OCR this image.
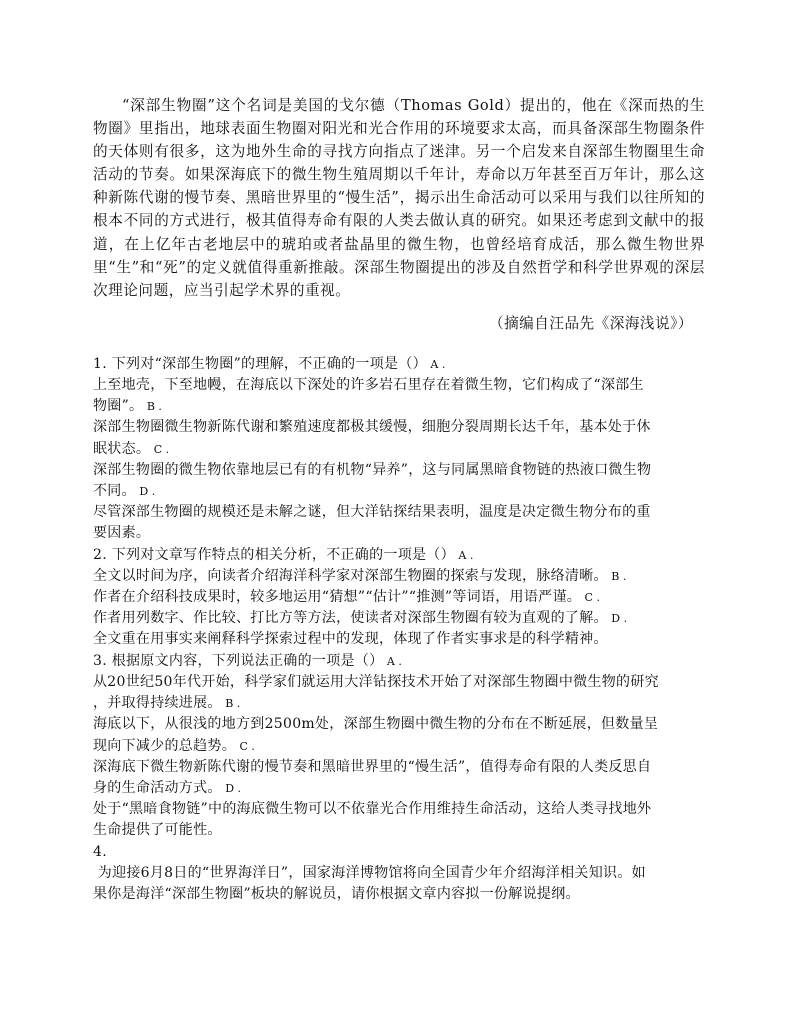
“深部生物圈”这个名词是美国的戈尔德（Thomas Gold）提出的，他在《深而热的生物圈》里指出，地球表面生物圈对阳光和光合作用的环境要求太高，而具备深部生物圈条件的天体则有很多，这为地外生命的寻找方向指点了迷津。另一个启发来自深部生物圈里生命活动的节奏。如果深海底下的微生物生殖周期以千年计，寿命以万年甚至百万年计，那么这种新陈代谢的慢节奏、黑暗世界里的“慢生活”，揭示出生命活动可以采用与我们以往所知的根本不同的方式进行，极其值得寿命有限的人类去做认真的研究。如果还考虑到文献中的报道，在上亿年古老地层中的琥珀或者盐晶里的微生物，也曾经培育成活，那么微生物世界里“生”和“死”的定义就值得重新推敲。深部生物圈提出的涉及自然哲学和科学世界观的深层次理论问题，应当引起学术界的重视。

（摘编自汪品先《深海浅说》）

1. 下列对“深部生物圈”的理解，不正确的一项是（） A .

上至地壳，下至地幔，在海底以下深处的许多岩石里存在着微生物，它们构成了“深部生

物圈”。 B .

深部生物圈微生物新陈代谢和繁殖速度都极其缓慢，细胞分裂周期长达千年，基本处于休

眠状态。 C .

深部生物圈的微生物依靠地层已有的有机物“异养”，这与同属黑暗食物链的热液口微生物

不同。 D .

尽管深部生物圈的规模还是未解之谜，但大洋钻探结果表明，温度是决定微生物分布的重

要因素。

2. 下列对文章写作特点的相关分析，不正确的一项是（） A .

全文以时间为序，向读者介绍海洋科学家对深部生物圈的探索与发现，脉络清晰。 B .

作者在介绍科技成果时，较多地运用“猜想”“估计”“推测”等词语，用语严谨。 C .

作者用列数字、作比较、打比方等方法，使读者对深部生物圈有较为直观的了解。 D .

全文重在用事实来阐释科学探索过程中的发现，体现了作者实事求是的科学精神。

3. 根据原文内容，下列说法正确的一项是（） A .

从20世纪50年代开始，科学家们就运用大洋钻探技术开始了对深部生物圈中微生物的研究

，并取得持续进展。 B .

海底以下，从很浅的地方到2500m处，深部生物圈中微生物的分布在不断延展，但数量呈

现向下减少的总趋势。 C .

深海底下微生物新陈代谢的慢节奏和黑暗世界里的“慢生活”，值得寿命有限的人类反思自

身的生命活动方式。 D .

处于“黑暗食物链”中的海底微生物可以不依靠光合作用维持生命活动，这给人类寻找地外

生命提供了可能性。

4.

为迎接6月8日的“世界海洋日”，国家海洋博物馆将向全国青少年介绍海洋相关知识。如

果你是海洋“深部生物圈”板块的解说员，请你根据文章内容拟一份解说提纲。
